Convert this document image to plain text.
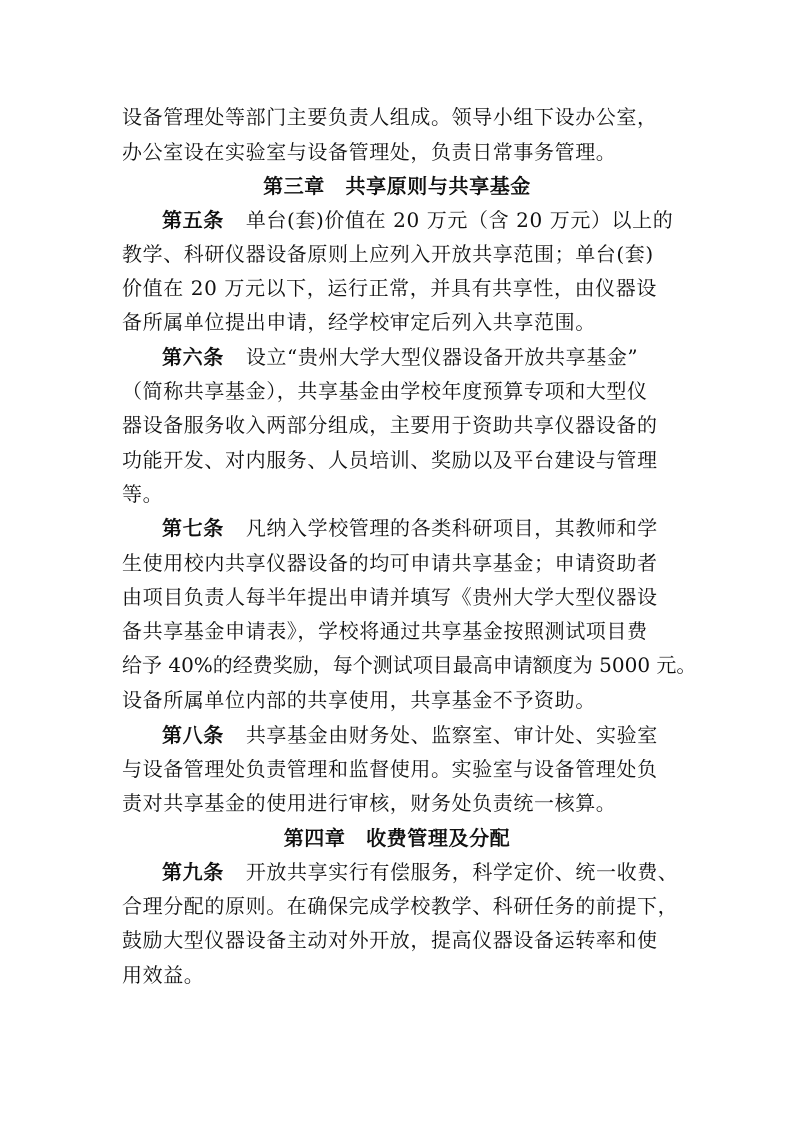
设备管理处等部门主要负责人组成。领导小组下设办公室，
办公室设在实验室与设备管理处，负责日常事务管理。
第三章　共享原则与共享基金
第五条 单台(套)价值在 20 万元（含 20 万元）以上的
教学、科研仪器设备原则上应列入开放共享范围；单台(套)
价值在 20 万元以下，运行正常，并具有共享性，由仪器设
备所属单位提出申请，经学校审定后列入共享范围。
第六条 设立“贵州大学大型仪器设备开放共享基金”
（简称共享基金），共享基金由学校年度预算专项和大型仪
器设备服务收入两部分组成，主要用于资助共享仪器设备的
功能开发、对内服务、人员培训、奖励以及平台建设与管理
等。
第七条 凡纳入学校管理的各类科研项目，其教师和学
生使用校内共享仪器设备的均可申请共享基金；申请资助者
由项目负责人每半年提出申请并填写《贵州大学大型仪器设
备共享基金申请表》，学校将通过共享基金按照测试项目费
给予 40%的经费奖励，每个测试项目最高申请额度为 5000 元。
设备所属单位内部的共享使用，共享基金不予资助。
第八条 共享基金由财务处、监察室、审计处、实验室
与设备管理处负责管理和监督使用。实验室与设备管理处负
责对共享基金的使用进行审核，财务处负责统一核算。
第四章　收费管理及分配
第九条 开放共享实行有偿服务，科学定价、统一收费、
合理分配的原则。在确保完成学校教学、科研任务的前提下，
鼓励大型仪器设备主动对外开放，提高仪器设备运转率和使
用效益。
